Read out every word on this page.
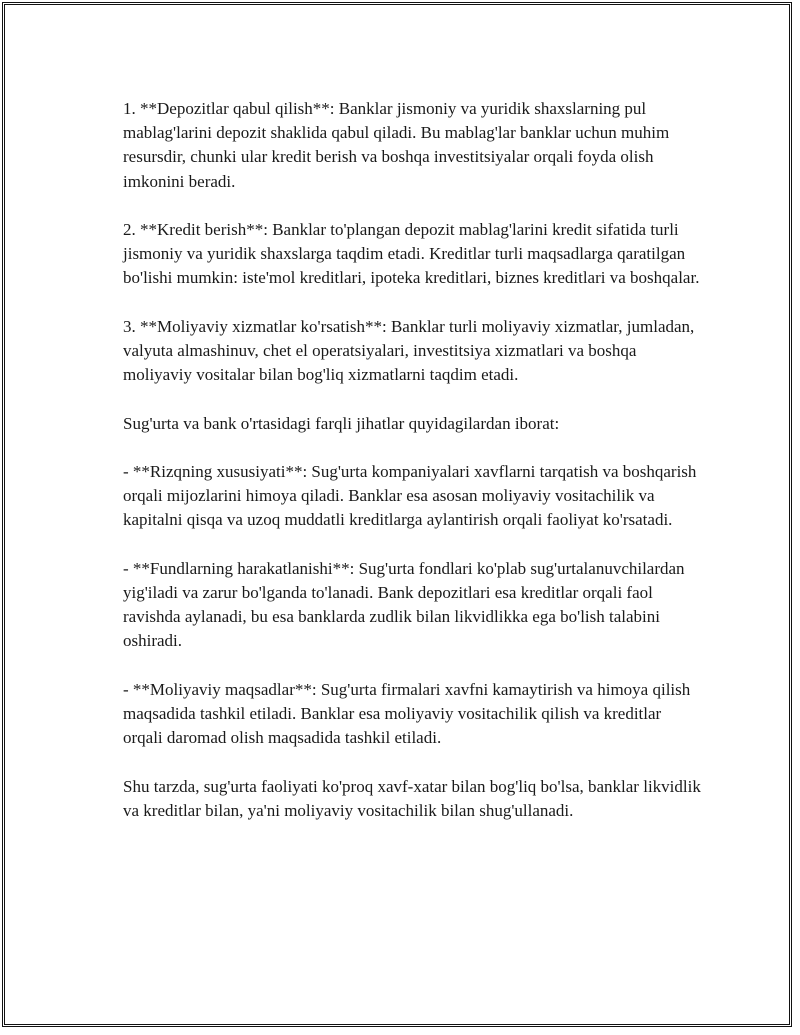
1. **Depozitlar qabul qilish**: Banklar jismoniy va yuridik shaxslarning pul mablag'larini depozit shaklida qabul qiladi. Bu mablag'lar banklar uchun muhim resursdir, chunki ular kredit berish va boshqa investitsiyalar orqali foyda olish imkonini beradi.

2. **Kredit berish**: Banklar to'plangan depozit mablag'larini kredit sifatida turli jismoniy va yuridik shaxslarga taqdim etadi. Kreditlar turli maqsadlarga qaratilgan bo'lishi mumkin: iste'mol kreditlari, ipoteka kreditlari, biznes kreditlari va boshqalar.

3. **Moliyaviy xizmatlar ko'rsatish**: Banklar turli moliyaviy xizmatlar, jumladan, valyuta almashinuv, chet el operatsiyalari, investitsiya xizmatlari va boshqa moliyaviy vositalar bilan bog'liq xizmatlarni taqdim etadi.

Sug'urta va bank o'rtasidagi farqli jihatlar quyidagilardan iborat:

- **Rizqning xususiyati**: Sug'urta kompaniyalari xavflarni tarqatish va boshqarish orqali mijozlarini himoya qiladi. Banklar esa asosan moliyaviy vositachilik va kapitalni qisqa va uzoq muddatli kreditlarga aylantirish orqali faoliyat ko'rsatadi.

- **Fundlarning harakatlanishi**: Sug'urta fondlari ko'plab sug'urtalanuvchilardan yig'iladi va zarur bo'lganda to'lanadi. Bank depozitlari esa kreditlar orqali faol ravishda aylanadi, bu esa banklarda zudlik bilan likvidlikka ega bo'lish talabini oshiradi.

- **Moliyaviy maqsadlar**: Sug'urta firmalari xavfni kamaytirish va himoya qilish maqsadida tashkil etiladi. Banklar esa moliyaviy vositachilik qilish va kreditlar orqali daromad olish maqsadida tashkil etiladi.

Shu tarzda, sug'urta faoliyati ko'proq xavf-xatar bilan bog'liq bo'lsa, banklar likvidlik va kreditlar bilan, ya'ni moliyaviy vositachilik bilan shug'ullanadi.
